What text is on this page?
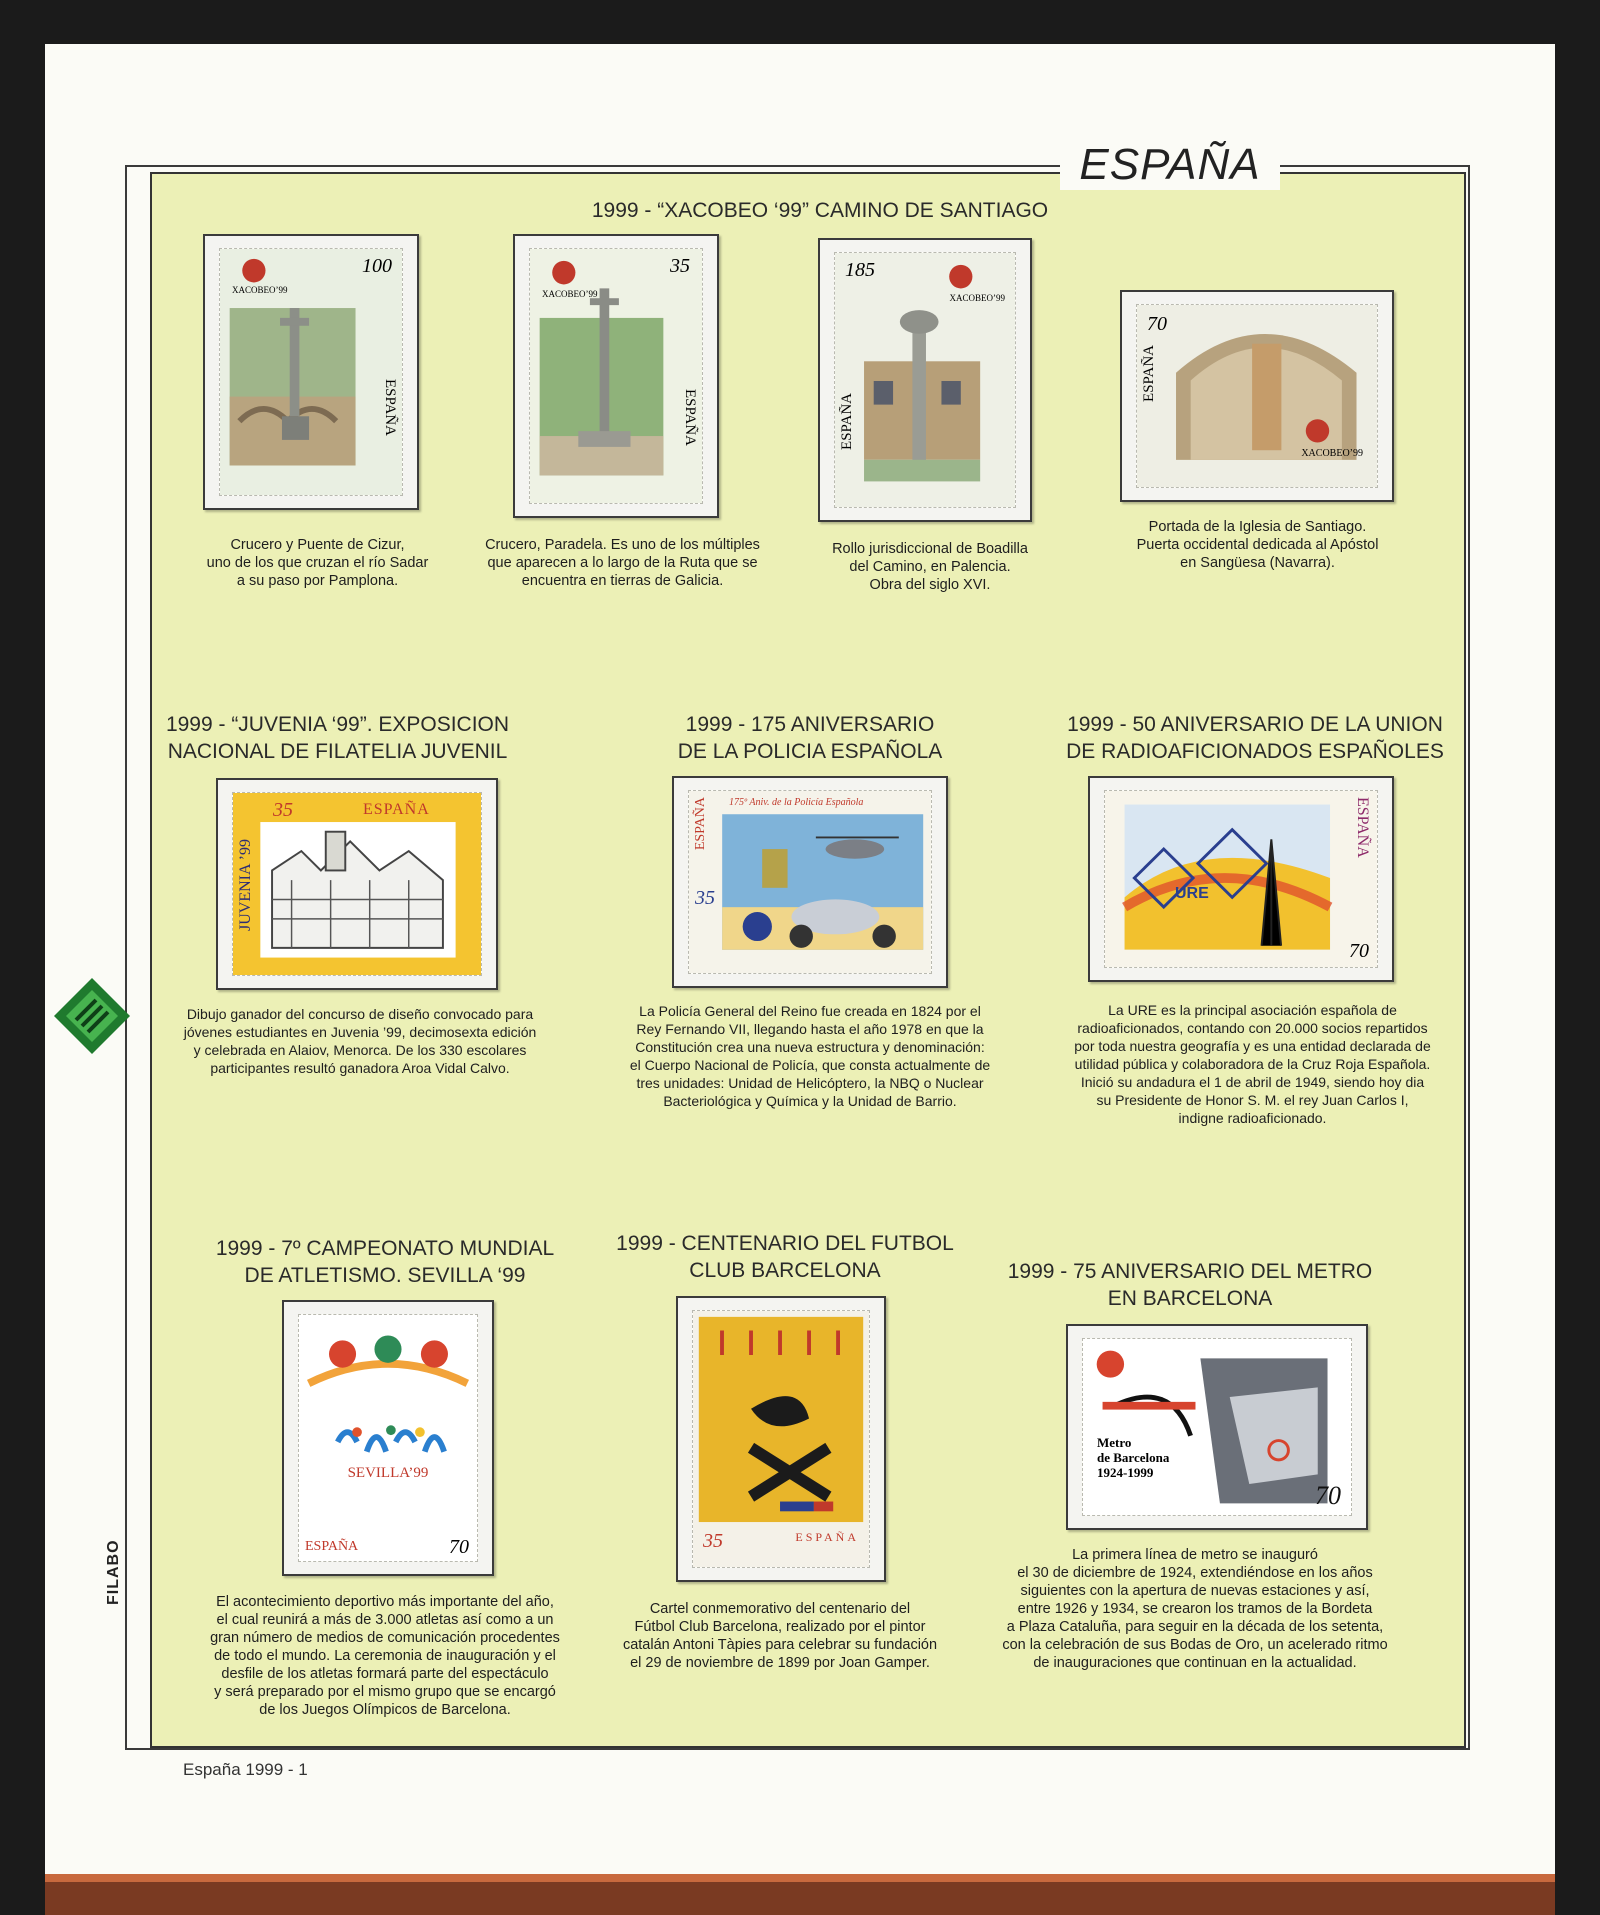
ESPAÑA
FILABO
1999 - “XACOBEO ‘99” CAMINO DE SANTIAGO
100
XACOBEO’99
ESPAÑA
35
XACOBEO’99
ESPAÑA
185
XACOBEO’99
ESPAÑA
70
XACOBEO’99
ESPAÑA
Crucero y Puente de Cizur,
uno de los que cruzan el río Sadar
a su paso por Pamplona.
Crucero, Paradela. Es uno de los múltiples
que aparecen a lo largo de la Ruta que se
encuentra en tierras de Galicia.
Rollo jurisdiccional de Boadilla
del Camino, en Palencia.
Obra del siglo XVI.
Portada de la Iglesia de Santiago.
Puerta occidental dedicada al Apóstol
en Sangüesa (Navarra).
1999 - “JUVENIA ‘99”. EXPOSICION
NACIONAL DE FILATELIA JUVENIL
1999 - 175 ANIVERSARIO
DE LA POLICIA ESPAÑOLA
1999 - 50 ANIVERSARIO DE LA UNION
DE RADIOAFICIONADOS ESPAÑOLES
35	ESPAÑA
JUVENIA ’99	35
ESPAÑA 175º Aniv. de la Policía Española
URE
70
ESPAÑA
Dibujo ganador del concurso de diseño convocado para
jóvenes estudiantes en Juvenia ’99, decimosexta edición
y celebrada en Alaiov, Menorca. De los 330 escolares
participantes resultó ganadora Aroa Vidal Calvo.
La Policía General del Reino fue creada en 1824 por el
Rey Fernando VII, llegando hasta el año 1978 en que la
Constitución crea una nueva estructura y denominación:
el Cuerpo Nacional de Policía, que consta actualmente de
tres unidades: Unidad de Helicóptero, la NBQ o Nuclear
Bacteriológica y Química y la Unidad de Barrio.
La URE es la principal asociación española de
radioaficionados, contando con 20.000 socios repartidos
por toda nuestra geografía y es una entidad declarada de
utilidad pública y colaboradora de la Cruz Roja Española.
Inició su andadura el 1 de abril de 1949, siendo hoy dia
su Presidente de Honor S. M. el rey Juan Carlos I,
indigne radioaficionado.
1999 - 7º CAMPEONATO MUNDIAL
DE ATLETISMO. SEVILLA ‘99
1999 - CENTENARIO DEL FUTBOL
CLUB BARCELONA	1999 - 75 ANIVERSARIO DEL METRO
EN BARCELONA
SEVILLA’99
ESPAÑA	70	35	ESPAÑA
Metro
de Barcelona
1924-1999
70
ESPAÑA
El acontecimiento deportivo más importante del año,
el cual reunirá a más de 3.000 atletas así como a un
gran número de medios de comunicación procedentes
de todo el mundo. La ceremonia de inauguración y el
desfile de los atletas formará parte del espectáculo
y será preparado por el mismo grupo que se encargó
de los Juegos Olímpicos de Barcelona.
Cartel conmemorativo del centenario del
Fútbol Club Barcelona, realizado por el pintor
catalán Antoni Tàpies para celebrar su fundación
el 29 de noviembre de 1899 por Joan Gamper.
La primera línea de metro se inauguró
el 30 de diciembre de 1924, extendiéndose en los años
siguientes con la apertura de nuevas estaciones y así,
entre 1926 y 1934, se crearon los tramos de la Bordeta
a Plaza Cataluña, para seguir en la década de los setenta,
con la celebración de sus Bodas de Oro, un acelerado ritmo
de inauguraciones que continuan en la actualidad.
España 1999 - 1
